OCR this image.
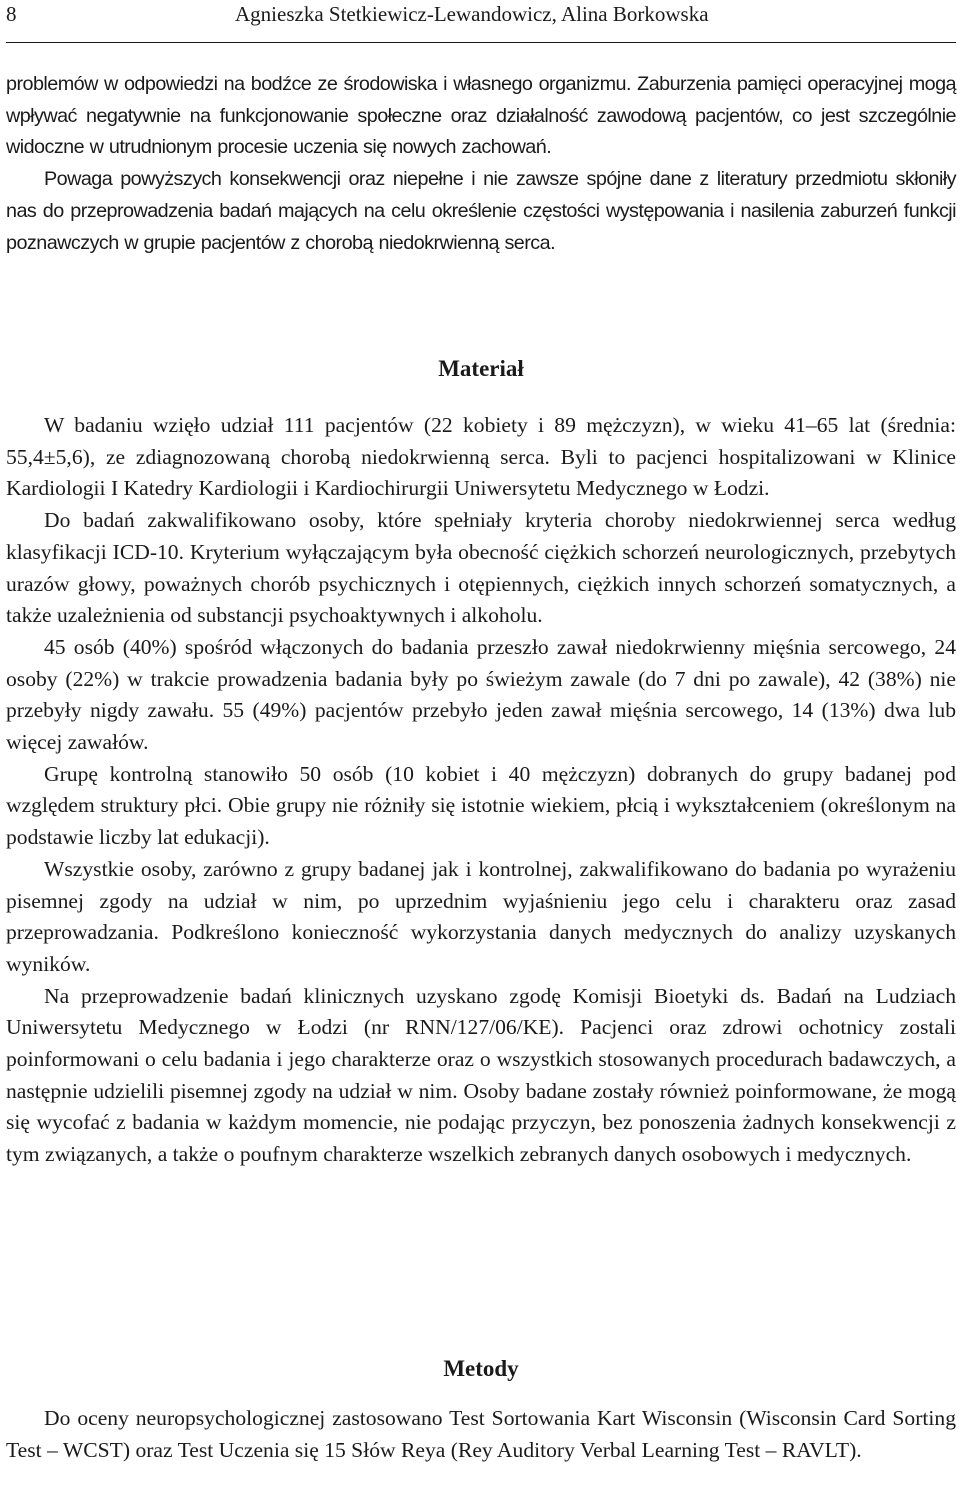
8	Agnieszka Stetkiewicz-Lewandowicz, Alina Borkowska

problemów w odpowiedzi na bodźce ze środowiska i własnego organizmu. Zaburzenia pamięci operacyjnej mogą wpływać negatywnie na funkcjonowanie społeczne oraz działalność zawodową pacjentów, co jest szczególnie widoczne w utrudnionym procesie uczenia się nowych zachowań.

Powaga powyższych konsekwencji oraz niepełne i nie zawsze spójne dane z literatury przedmiotu skłoniły nas do przeprowadzenia badań mających na celu określenie częstości występowania i nasilenia zaburzeń funkcji poznawczych w grupie pacjentów z chorobą niedokrwienną serca.

Materiał

W badaniu wzięło udział 111 pacjentów (22 kobiety i 89 mężczyzn), w wieku 41–65 lat (średnia: 55,4±5,6), ze zdiagnozowaną chorobą niedokrwienną serca. Byli to pacjenci hospitalizowani w Klinice Kardiologii I Katedry Kardiologii i Kardiochirurgii Uniwersytetu Medycznego w Łodzi.

Do badań zakwalifikowano osoby, które spełniały kryteria choroby niedokrwiennej serca według klasyfikacji ICD-10. Kryterium wyłączającym była obecność ciężkich schorzeń neurologicznych, przebytych urazów głowy, poważnych chorób psychicznych i otępiennych, ciężkich innych schorzeń somatycznych, a także uzależnienia od substancji psychoaktywnych i alkoholu.

45 osób (40%) spośród włączonych do badania przeszło zawał niedokrwienny mięśnia sercowego, 24 osoby (22%) w trakcie prowadzenia badania były po świeżym zawale (do 7 dni po zawale), 42 (38%) nie przebyły nigdy zawału. 55 (49%) pacjentów przebyło jeden zawał mięśnia sercowego, 14 (13%) dwa lub więcej zawałów.

Grupę kontrolną stanowiło 50 osób (10 kobiet i 40 mężczyzn) dobranych do grupy badanej pod względem struktury płci. Obie grupy nie różniły się istotnie wiekiem, płcią i wykształceniem (określonym na podstawie liczby lat edukacji).

Wszystkie osoby, zarówno z grupy badanej jak i kontrolnej, zakwalifikowano do badania po wyrażeniu pisemnej zgody na udział w nim, po uprzednim wyjaśnieniu jego celu i charakteru oraz zasad przeprowadzania. Podkreślono konieczność wykorzystania danych medycznych do analizy uzyskanych wyników.

Na przeprowadzenie badań klinicznych uzyskano zgodę Komisji Bioetyki ds. Badań na Ludziach Uniwersytetu Medycznego w Łodzi (nr RNN/127/06/KE). Pacjenci oraz zdrowi ochotnicy zostali poinformowani o celu badania i jego charakterze oraz o wszystkich stosowanych procedurach badawczych, a następnie udzielili pisemnej zgody na udział w nim. Osoby badane zostały również poinformowane, że mogą się wycofać z badania w każdym momencie, nie podając przyczyn, bez ponoszenia żadnych konsekwencji z tym związanych, a także o poufnym charakterze wszelkich zebranych danych osobowych i medycznych.

Metody

Do oceny neuropsychologicznej zastosowano Test Sortowania Kart Wisconsin (Wisconsin Card Sorting Test – WCST) oraz Test Uczenia się 15 Słów Reya (Rey Auditory Verbal Learning Test – RAVLT).
